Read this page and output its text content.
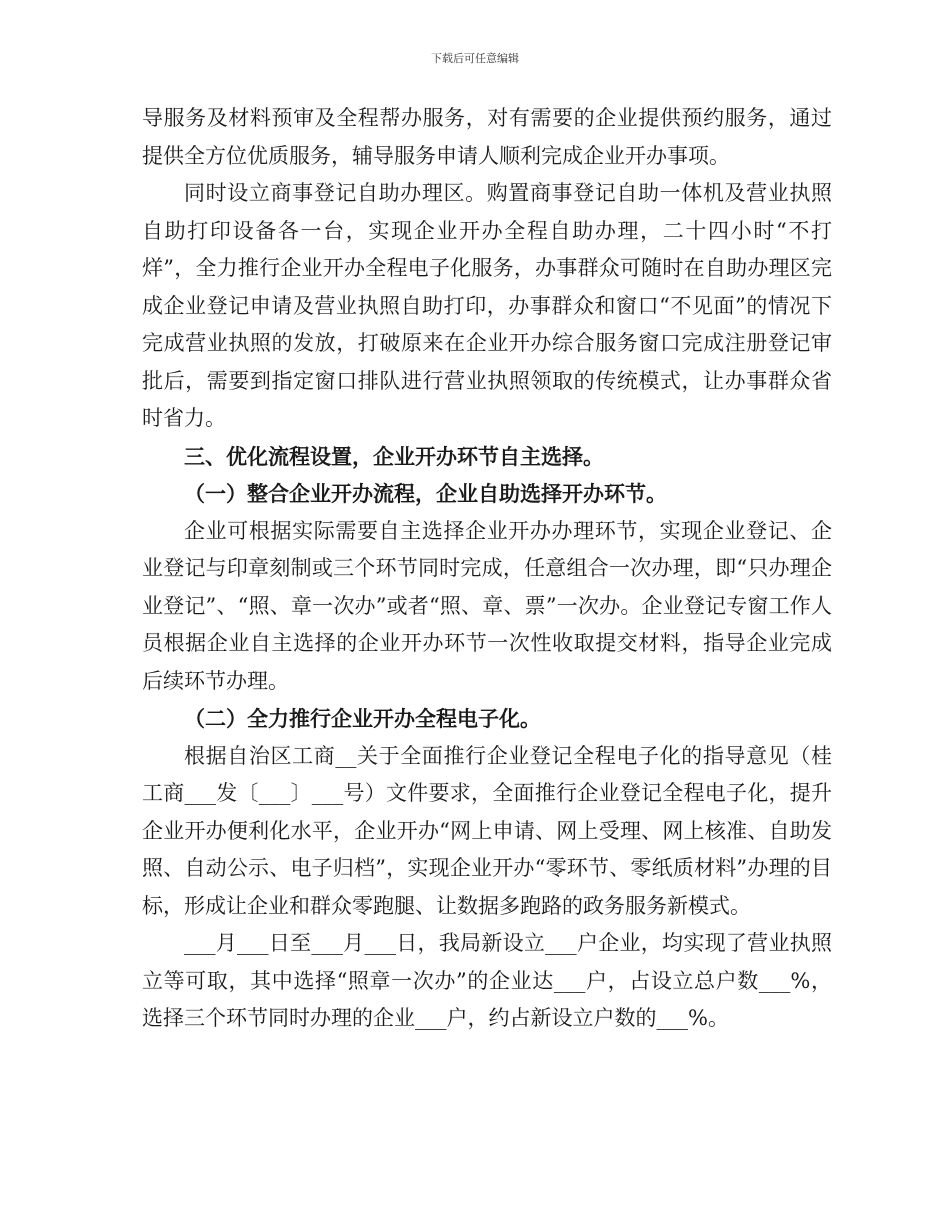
下载后可任意编辑

导服务及材料预审及全程帮办服务，对有需要的企业提供预约服务，通过提供全方位优质服务，辅导服务申请人顺利完成企业开办事项。

同时设立商事登记自助办理区。购置商事登记自助一体机及营业执照自助打印设备各一台，实现企业开办全程自助办理，二十四小时“不打烊”，全力推行企业开办全程电子化服务，办事群众可随时在自助办理区完成企业登记申请及营业执照自助打印，办事群众和窗口“不见面”的情况下完成营业执照的发放，打破原来在企业开办综合服务窗口完成注册登记审批后，需要到指定窗口排队进行营业执照领取的传统模式，让办事群众省时省力。

三、优化流程设置，企业开办环节自主选择。

（一）整合企业开办流程，企业自助选择开办环节。

企业可根据实际需要自主选择企业开办办理环节，实现企业登记、企业登记与印章刻制或三个环节同时完成，任意组合一次办理，即“只办理企业登记”、“照、章一次办”或者“照、章、票”一次办。企业登记专窗工作人员根据企业自主选择的企业开办环节一次性收取提交材料，指导企业完成后续环节办理。

（二）全力推行企业开办全程电子化。

根据自治区工商__关于全面推行企业登记全程电子化的指导意见（桂工商___发〔___〕___号）文件要求，全面推行企业登记全程电子化，提升企业开办便利化水平，企业开办“网上申请、网上受理、网上核准、自助发照、自动公示、电子归档”，实现企业开办“零环节、零纸质材料”办理的目标，形成让企业和群众零跑腿、让数据多跑路的政务服务新模式。

___月___日至___月___日，我局新设立___户企业，均实现了营业执照立等可取，其中选择“照章一次办”的企业达___户，占设立总户数___%，选择三个环节同时办理的企业___户，约占新设立户数的___%。
